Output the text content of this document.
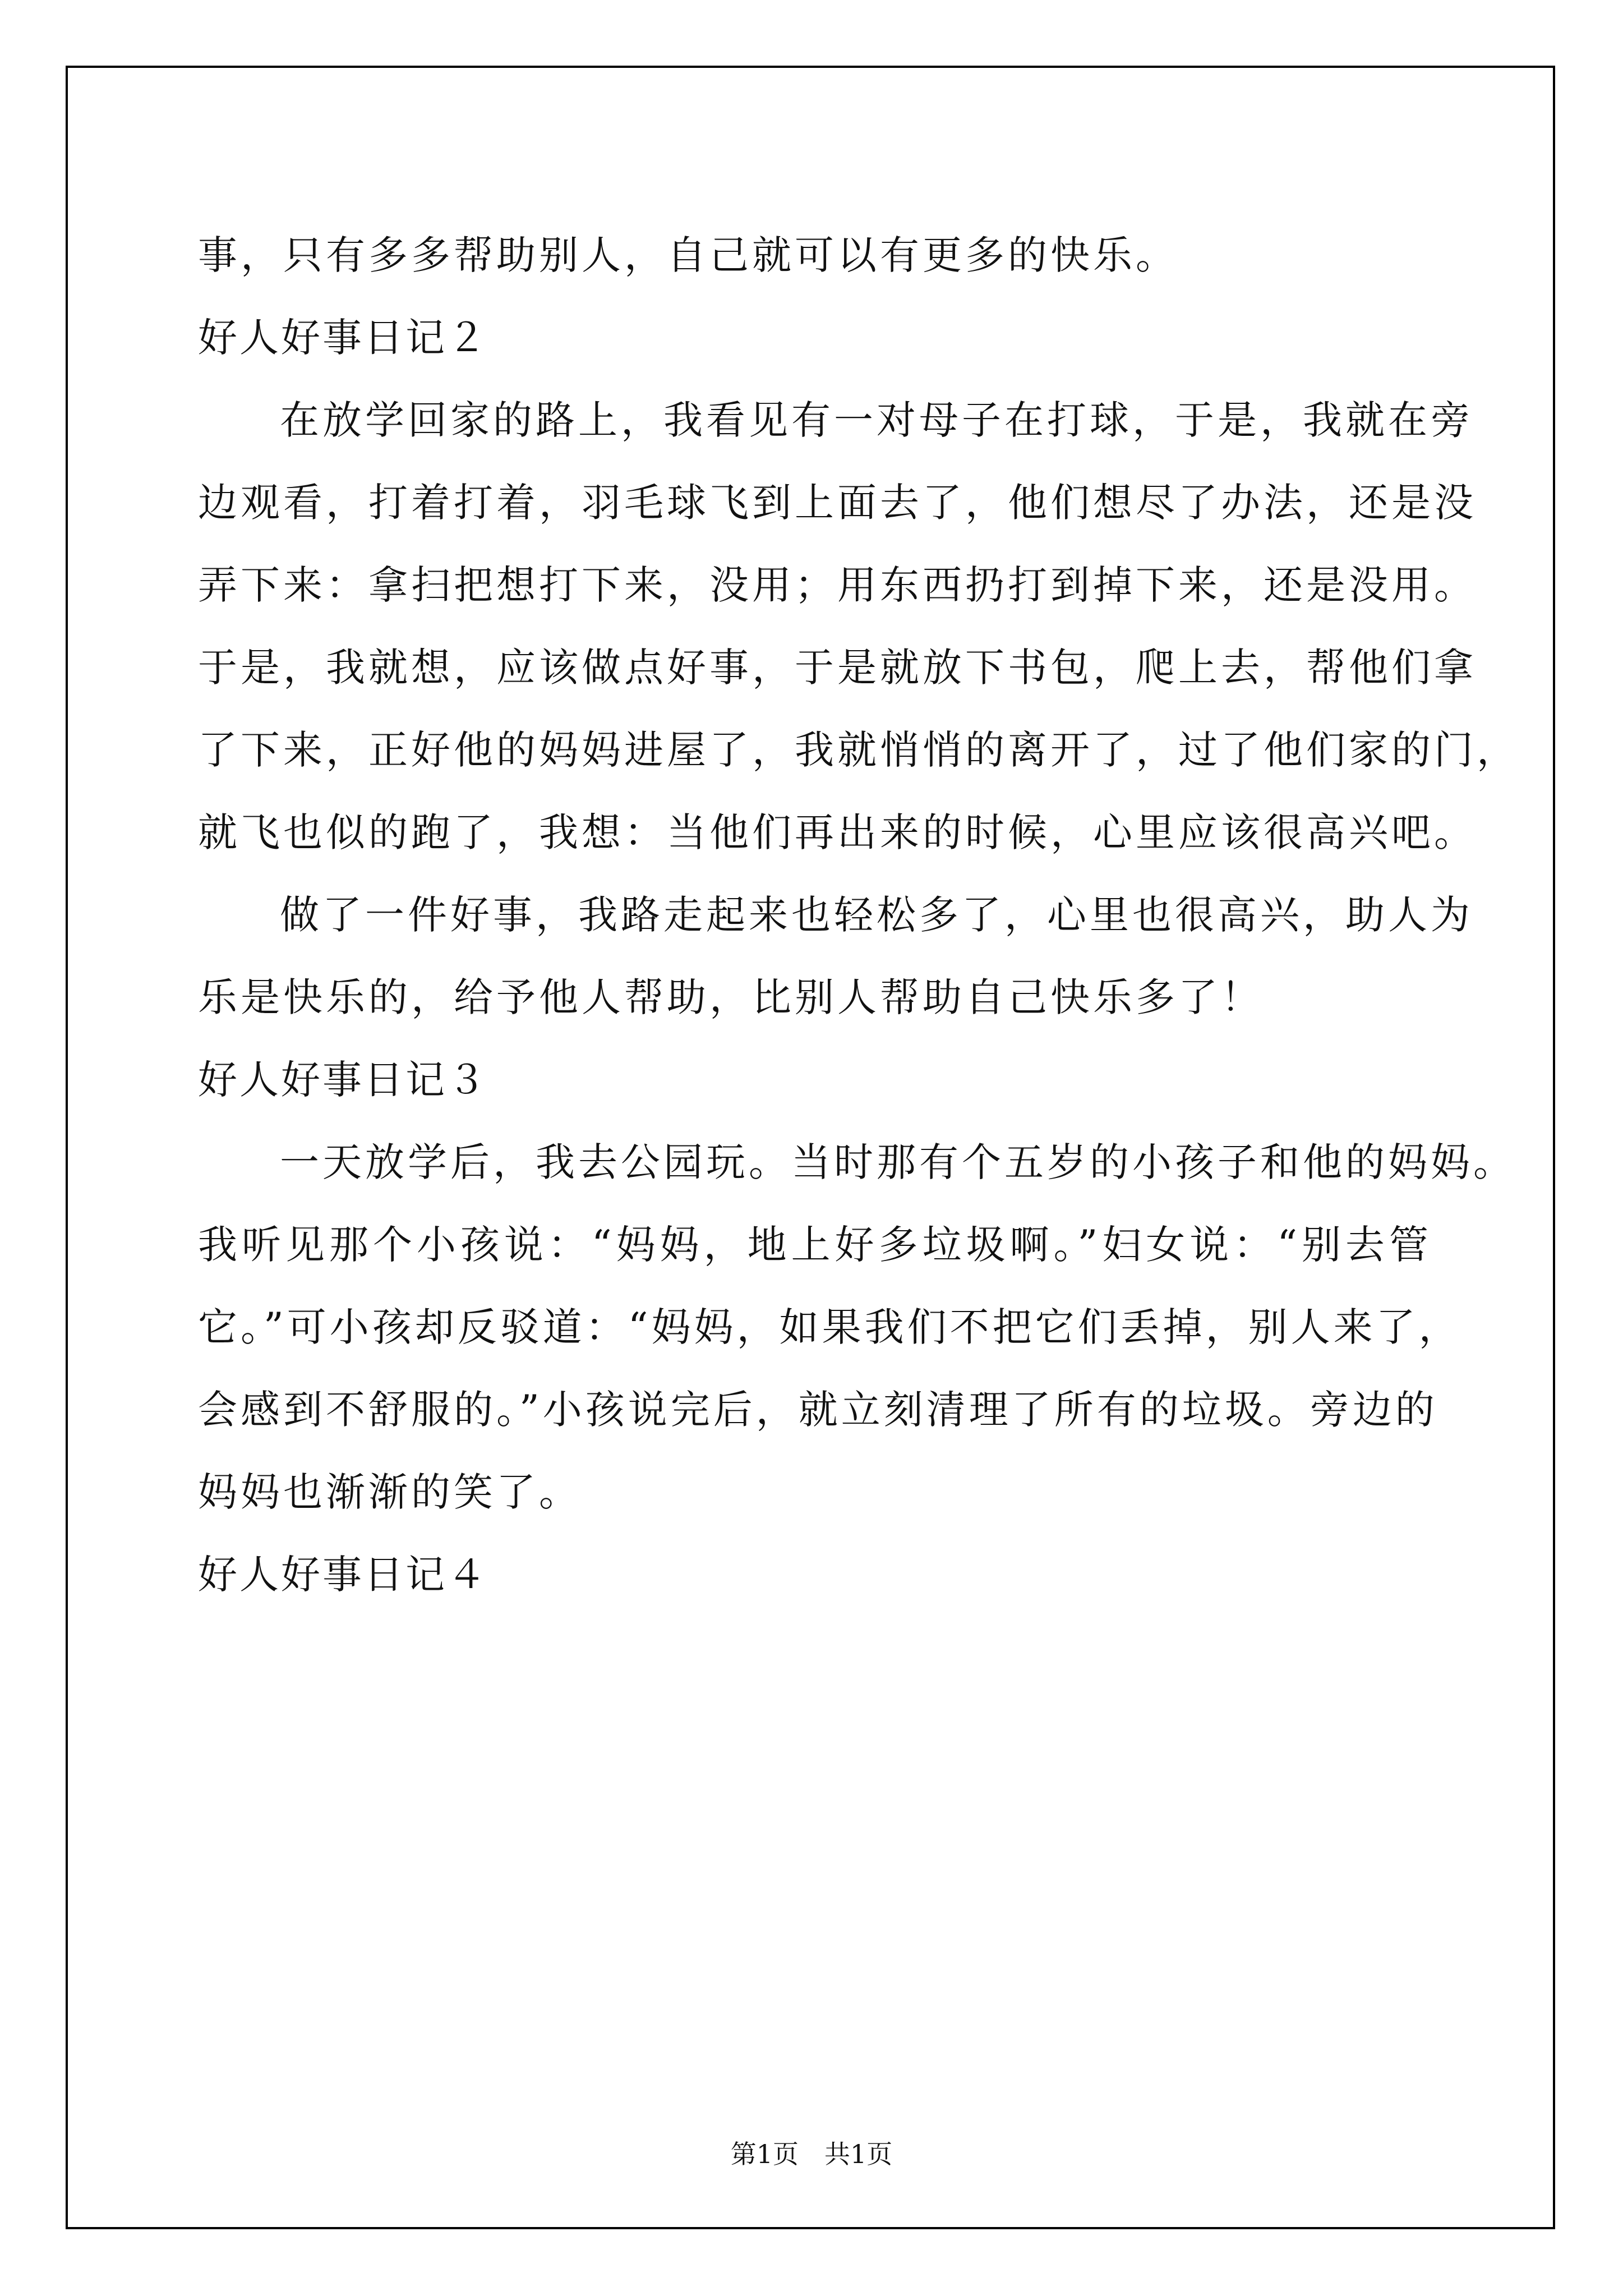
事，只有多多帮助别人，自己就可以有更多的快乐。
好人好事日记２
在放学回家的路上，我看见有一对母子在打球，于是，我就在旁
边观看，打着打着，羽毛球飞到上面去了，他们想尽了办法，还是没
弄下来：拿扫把想打下来，没用；用东西扔打到掉下来，还是没用。
于是，我就想，应该做点好事，于是就放下书包，爬上去，帮他们拿
了下来，正好他的妈妈进屋了，我就悄悄的离开了，过了他们家的门，
就飞也似的跑了，我想：当他们再出来的时候，心里应该很高兴吧。
做了一件好事，我路走起来也轻松多了，心里也很高兴，助人为
乐是快乐的，给予他人帮助，比别人帮助自己快乐多了！
好人好事日记３
一天放学后，我去公园玩。当时那有个五岁的小孩子和他的妈妈。
我听见那个小孩说：“妈妈，地上好多垃圾啊。”妇女说：“别去管
它。”可小孩却反驳道：“妈妈，如果我们不把它们丢掉，别人来了，
会感到不舒服的。”小孩说完后，就立刻清理了所有的垃圾。旁边的
妈妈也渐渐的笑了。
好人好事日记４
第1页　共1页
